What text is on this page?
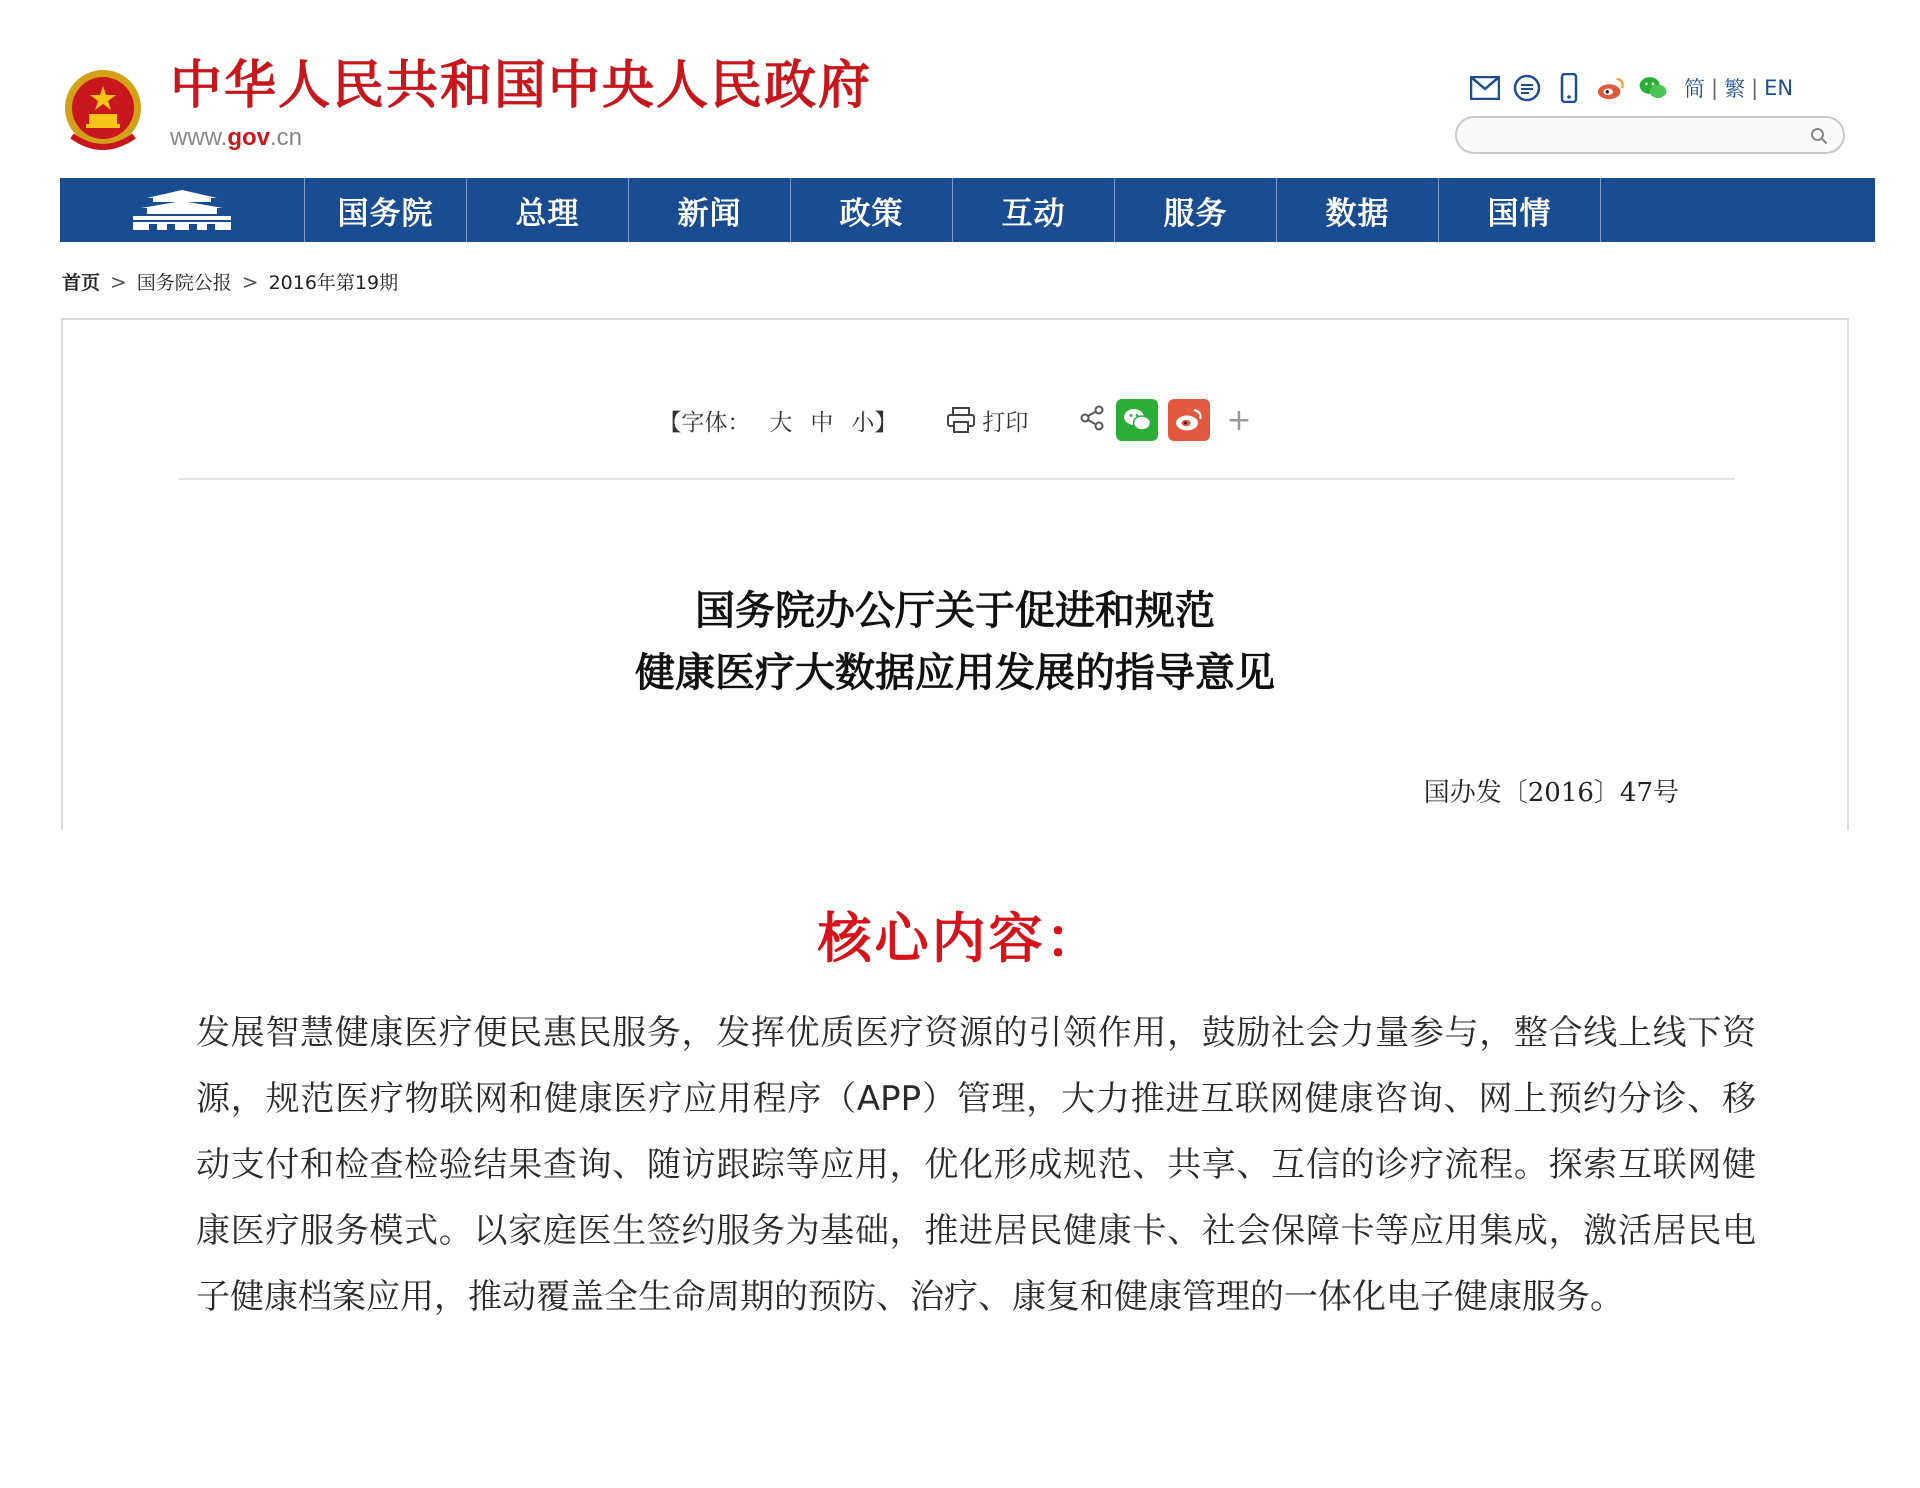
中华人民共和国中央人民政府
www.gov.cn
简 | 繁 | EN
国务院	总理	新闻	政策	互动	服务	数据	国情
首页 > 国务院公报 > 2016年第19期
【字体： 大 中 小】	打印	+
国务院办公厅关于促进和规范
健康医疗大数据应用发展的指导意见
国办发〔2016〕47号
核心内容：
发展智慧健康医疗便民惠民服务，发挥优质医疗资源的引领作用，鼓励社会力量参与，整合线上线下资源，规范医疗物联网和健康医疗应用程序（APP）管理，大力推进互联网健康咨询、网上预约分诊、移动支付和检查检验结果查询、随访跟踪等应用，优化形成规范、共享、互信的诊疗流程。探索互联网健康医疗服务模式。以家庭医生签约服务为基础，推进居民健康卡、社会保障卡等应用集成，激活居民电子健康档案应用，推动覆盖全生命周期的预防、治疗、康复和健康管理的一体化电子健康服务。
